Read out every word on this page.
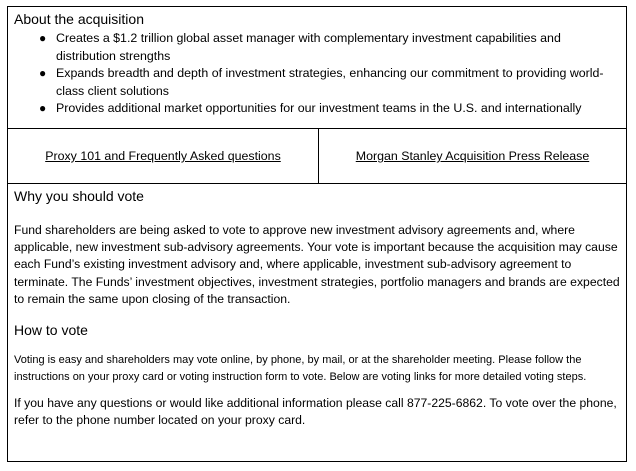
About the acquisition

● Creates a $1.2 trillion global asset manager with complementary investment capabilities and distribution strengths
● Expands breadth and depth of investment strategies, enhancing our commitment to providing world-class client solutions
● Provides additional market opportunities for our investment teams in the U.S. and internationally
Proxy 101 and Frequently Asked questions	Morgan Stanley Acquisition Press Release

Why you should vote

Fund shareholders are being asked to vote to approve new investment advisory agreements and, where applicable, new investment sub-advisory agreements. Your vote is important because the acquisition may cause each Fund’s existing investment advisory and, where applicable, investment sub-advisory agreement to terminate. The Funds’ investment objectives, investment strategies, portfolio managers and brands are expected to remain the same upon closing of the transaction.

How to vote

Voting is easy and shareholders may vote online, by phone, by mail, or at the shareholder meeting. Please follow the instructions on your proxy card or voting instruction form to vote. Below are voting links for more detailed voting steps.

If you have any questions or would like additional information please call 877-225-6862. To vote over the phone, refer to the phone number located on your proxy card.
